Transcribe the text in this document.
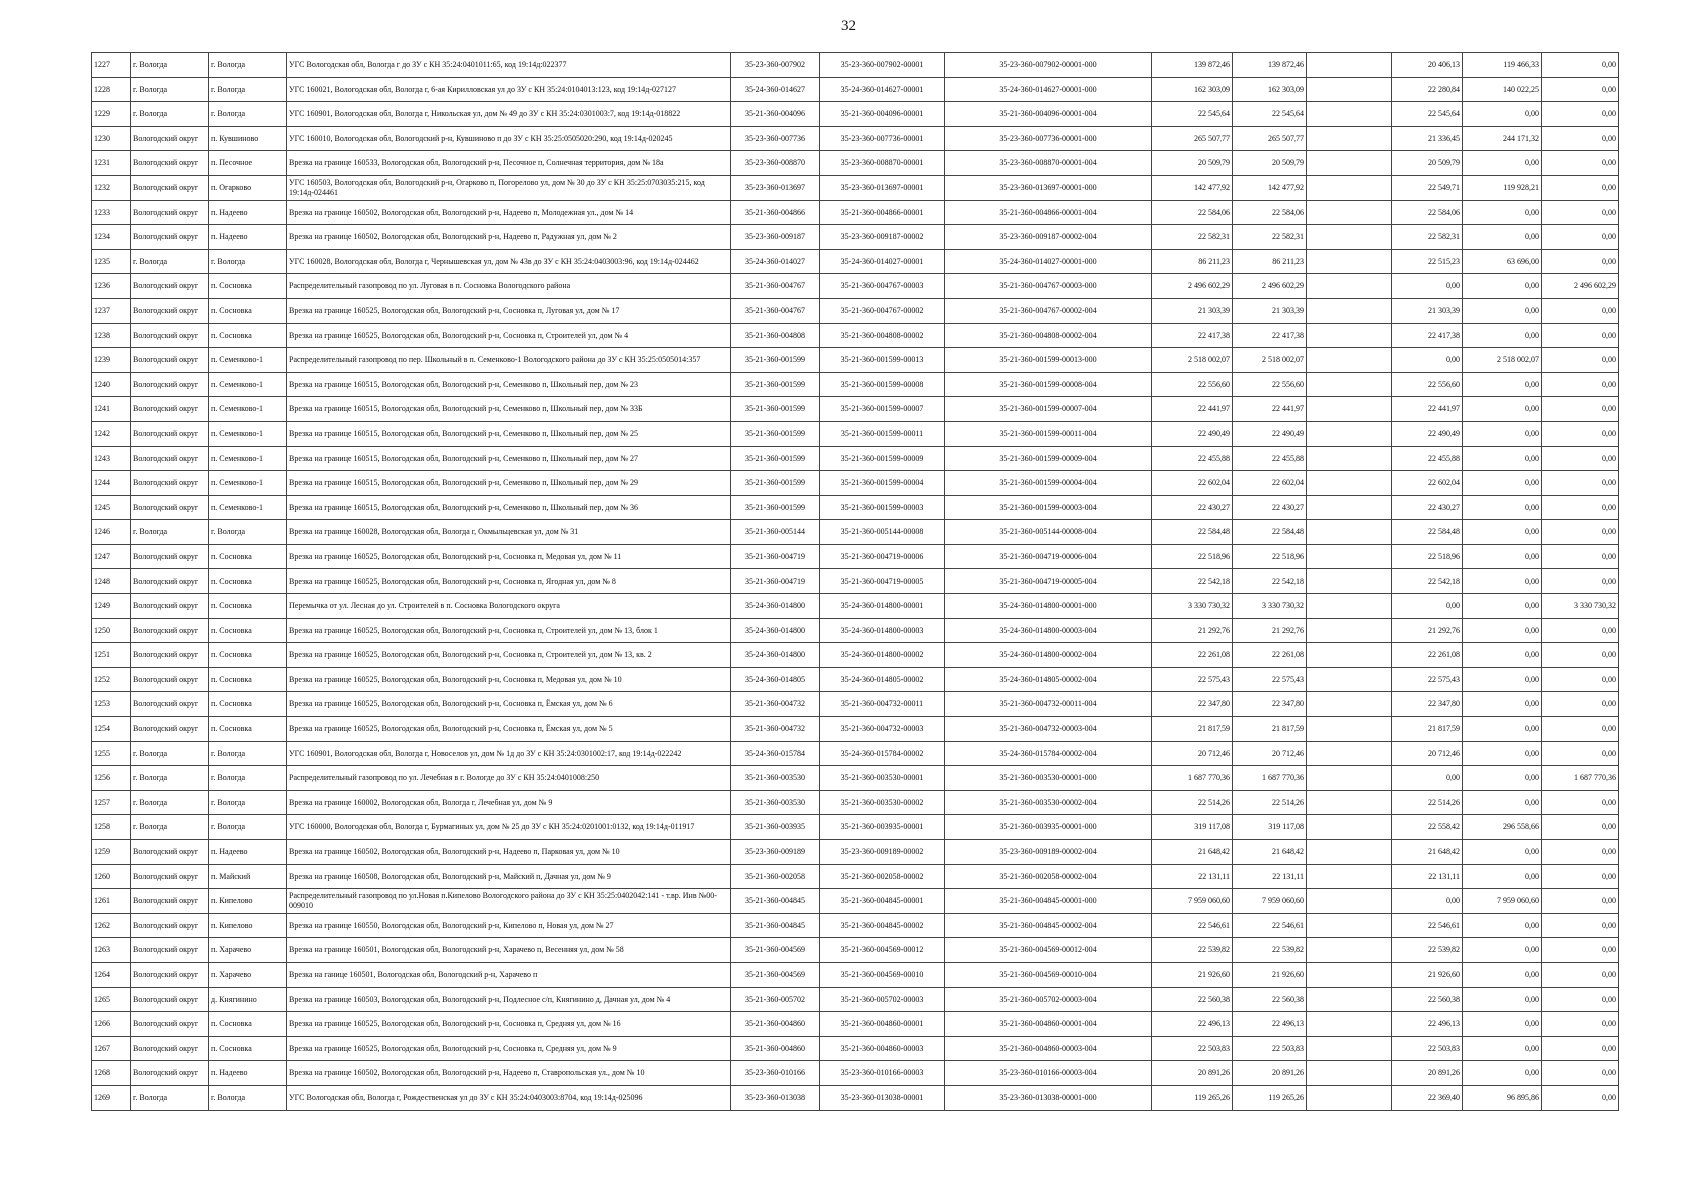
32
1227	г. Вологда	г. Вологда	УГС Вологодская обл, Вологда г до ЗУ с КН 35:24:0401011:65, код 19:14д:022377	35-23-360-007902	35-23-360-007902-00001	35-23-360-007902-00001-000	139 872,46	139 872,46		20 406,13	119 466,33	0,00
1228	г. Вологда	г. Вологда	УГС 160021, Вологодская обл, Вологда г, 6-ая Кирилловская ул до ЗУ с КН 35:24:0104013:123, код 19:14д-027127	35-24-360-014627	35-24-360-014627-00001	35-24-360-014627-00001-000	162 303,09	162 303,09		22 280,84	140 022,25	0,00
1229	г. Вологда	г. Вологда	УГС 160901, Вологодская обл, Вологда г, Никольская ул, дом № 49 до ЗУ с КН 35:24:0301003:7, код 19:14д-018822	35-21-360-004096	35-21-360-004096-00001	35-21-360-004096-00001-004	22 545,64	22 545,64		22 545,64	0,00	0,00
1230	Вологодский округ	п. Кувшиново	УГС 160010, Вологодская обл, Вологодский р-н, Кувшиново п до ЗУ с КН 35:25:0505020:290, код 19:14д-020245	35-23-360-007736	35-23-360-007736-00001	35-23-360-007736-00001-000	265 507,77	265 507,77		21 336,45	244 171,32	0,00
1231	Вологодский округ	п. Песочное	Врезка на границе 160533, Вологодская обл, Вологодский р-н, Песочное п, Солнечная территория, дом № 18а	35-23-360-008870	35-23-360-008870-00001	35-23-360-008870-00001-004	20 509,79	20 509,79		20 509,79	0,00	0,00
1232	Вологодский округ	п. Огарково	УГС 160503, Вологодская обл, Вологодский р-н, Огарково п, Погорелово ул, дом № 30 до ЗУ с КН 35:25:0703035:215, код 19:14д-024461	35-23-360-013697	35-23-360-013697-00001	35-23-360-013697-00001-000	142 477,92	142 477,92		22 549,71	119 928,21	0,00
1233	Вологодский округ	п. Надеево	Врезка на границе 160502, Вологодская обл, Вологодский р-н, Надеево п, Молодежная ул., дом № 14	35-21-360-004866	35-21-360-004866-00001	35-21-360-004866-00001-004	22 584,06	22 584,06		22 584,06	0,00	0,00
1234	Вологодский округ	п. Надеево	Врезка на границе 160502, Вологодская обл, Вологодский р-н, Надеево п, Радужная ул, дом № 2	35-23-360-009187	35-23-360-009187-00002	35-23-360-009187-00002-004	22 582,31	22 582,31		22 582,31	0,00	0,00
1235	г. Вологда	г. Вологда	УГС 160028, Вологодская обл, Вологда г, Чернышевская ул, дом № 43в до ЗУ с КН 35:24:0403003:96, код 19:14д-024462	35-24-360-014027	35-24-360-014027-00001	35-24-360-014027-00001-000	86 211,23	86 211,23		22 515,23	63 696,00	0,00
1236	Вологодский округ	п. Сосновка	Распределительный газопровод по ул. Луговая в п. Сосновка Вологодского района	35-21-360-004767	35-21-360-004767-00003	35-21-360-004767-00003-000	2 496 602,29	2 496 602,29		0,00	0,00	2 496 602,29
1237	Вологодский округ	п. Сосновка	Врезка на границе 160525, Вологодская обл, Вологодский р-н, Сосновка п, Луговая ул, дом № 17	35-21-360-004767	35-21-360-004767-00002	35-21-360-004767-00002-004	21 303,39	21 303,39		21 303,39	0,00	0,00
1238	Вологодский округ	п. Сосновка	Врезка на границе 160525, Вологодская обл, Вологодский р-н, Сосновка п, Строителей ул, дом № 4	35-21-360-004808	35-21-360-004808-00002	35-21-360-004808-00002-004	22 417,38	22 417,38		22 417,38	0,00	0,00
1239	Вологодский округ	п. Семенково-1	Распределительный газопровод по пер. Школьный в п. Семенково-1 Вологодского района до ЗУ с КН 35:25:0505014:357	35-21-360-001599	35-21-360-001599-00013	35-21-360-001599-00013-000	2 518 002,07	2 518 002,07		0,00	2 518 002,07	0,00
1240	Вологодский округ	п. Семенково-1	Врезка на границе 160515, Вологодская обл, Вологодский р-н, Семенково п, Школьный пер, дом № 23	35-21-360-001599	35-21-360-001599-00008	35-21-360-001599-00008-004	22 556,60	22 556,60		22 556,60	0,00	0,00
1241	Вологодский округ	п. Семенково-1	Врезка на границе 160515, Вологодская обл, Вологодский р-н, Семенково п, Школьный пер, дом № 33Б	35-21-360-001599	35-21-360-001599-00007	35-21-360-001599-00007-004	22 441,97	22 441,97		22 441,97	0,00	0,00
1242	Вологодский округ	п. Семенково-1	Врезка на границе 160515, Вологодская обл, Вологодский р-н, Семенково п, Школьный пер, дом № 25	35-21-360-001599	35-21-360-001599-00011	35-21-360-001599-00011-004	22 490,49	22 490,49		22 490,49	0,00	0,00
1243	Вологодский округ	п. Семенково-1	Врезка на границе 160515, Вологодская обл, Вологодский р-н, Семенково п, Школьный пер, дом № 27	35-21-360-001599	35-21-360-001599-00009	35-21-360-001599-00009-004	22 455,88	22 455,88		22 455,88	0,00	0,00
1244	Вологодский округ	п. Семенково-1	Врезка на границе 160515, Вологодская обл, Вологодский р-н, Семенково п, Школьный пер, дом № 29	35-21-360-001599	35-21-360-001599-00004	35-21-360-001599-00004-004	22 602,04	22 602,04		22 602,04	0,00	0,00
1245	Вологодский округ	п. Семенково-1	Врезка на границе 160515, Вологодская обл, Вологодский р-н, Семенково п, Школьный пер, дом № 36	35-21-360-001599	35-21-360-001599-00003	35-21-360-001599-00003-004	22 430,27	22 430,27		22 430,27	0,00	0,00
1246	г. Вологда	г. Вологда	Врезка на границе 160028, Вологодская обл, Вологда г, Окмыльцевская ул, дом № 31	35-21-360-005144	35-21-360-005144-00008	35-21-360-005144-00008-004	22 584,48	22 584,48		22 584,48	0,00	0,00
1247	Вологодский округ	п. Сосновка	Врезка на границе 160525, Вологодская обл, Вологодский р-н, Сосновка п, Медовая ул, дом № 11	35-21-360-004719	35-21-360-004719-00006	35-21-360-004719-00006-004	22 518,96	22 518,96		22 518,96	0,00	0,00
1248	Вологодский округ	п. Сосновка	Врезка на границе 160525, Вологодская обл, Вологодский р-н, Сосновка п, Ягодная ул, дом № 8	35-21-360-004719	35-21-360-004719-00005	35-21-360-004719-00005-004	22 542,18	22 542,18		22 542,18	0,00	0,00
1249	Вологодский округ	п. Сосновка	Перемычка от ул. Лесная до ул. Строителей в п. Сосновка Вологодского округа	35-24-360-014800	35-24-360-014800-00001	35-24-360-014800-00001-000	3 330 730,32	3 330 730,32		0,00	0,00	3 330 730,32
1250	Вологодский округ	п. Сосновка	Врезка на границе 160525, Вологодская обл, Вологодский р-н, Сосновка п, Строителей ул, дом № 13, блок 1	35-24-360-014800	35-24-360-014800-00003	35-24-360-014800-00003-004	21 292,76	21 292,76		21 292,76	0,00	0,00
1251	Вологодский округ	п. Сосновка	Врезка на границе 160525, Вологодская обл, Вологодский р-н, Сосновка п, Строителей ул, дом № 13, кв. 2	35-24-360-014800	35-24-360-014800-00002	35-24-360-014800-00002-004	22 261,08	22 261,08		22 261,08	0,00	0,00
1252	Вологодский округ	п. Сосновка	Врезка на границе 160525, Вологодская обл, Вологодский р-н, Сосновка п, Медовая ул, дом № 10	35-24-360-014805	35-24-360-014805-00002	35-24-360-014805-00002-004	22 575,43	22 575,43		22 575,43	0,00	0,00
1253	Вологодский округ	п. Сосновка	Врезка на границе 160525, Вологодская обл, Вологодский р-н, Сосновка п, Ёмская ул, дом № 6	35-21-360-004732	35-21-360-004732-00011	35-21-360-004732-00011-004	22 347,80	22 347,80		22 347,80	0,00	0,00
1254	Вологодский округ	п. Сосновка	Врезка на границе 160525, Вологодская обл, Вологодский р-н, Сосновка п, Ёмская ул, дом № 5	35-21-360-004732	35-21-360-004732-00003	35-21-360-004732-00003-004	21 817,59	21 817,59		21 817,59	0,00	0,00
1255	г. Вологда	г. Вологда	УГС 160901, Вологодская обл, Вологда г, Новоселов ул, дом № 1д до ЗУ с КН 35:24:0301002:17, код 19:14д-022242	35-24-360-015784	35-24-360-015784-00002	35-24-360-015784-00002-004	20 712,46	20 712,46		20 712,46	0,00	0,00
1256	г. Вологда	г. Вологда	Распределительный газопровод по ул. Лечебная в г. Вологде до ЗУ с КН 35:24:0401008:250	35-21-360-003530	35-21-360-003530-00001	35-21-360-003530-00001-000	1 687 770,36	1 687 770,36		0,00	0,00	1 687 770,36
1257	г. Вологда	г. Вологда	Врезка на границе 160002, Вологодская обл, Вологда г, Лечебная ул, дом № 9	35-21-360-003530	35-21-360-003530-00002	35-21-360-003530-00002-004	22 514,26	22 514,26		22 514,26	0,00	0,00
1258	г. Вологда	г. Вологда	УГС 160000, Вологодская обл, Вологда г, Бурмагиных ул, дом № 25 до ЗУ с КН 35:24:0201001:0132, код 19:14д-011917	35-21-360-003935	35-21-360-003935-00001	35-21-360-003935-00001-000	319 117,08	319 117,08		22 558,42	296 558,66	0,00
1259	Вологодский округ	п. Надеево	Врезка на границе 160502, Вологодская обл, Вологодский р-н, Надеево п, Парковая ул, дом № 10	35-23-360-009189	35-23-360-009189-00002	35-23-360-009189-00002-004	21 648,42	21 648,42		21 648,42	0,00	0,00
1260	Вологодский округ	п. Майский	Врезка на границе 160508, Вологодская обл, Вологодский р-н, Майский п, Дачная ул, дом № 9	35-21-360-002058	35-21-360-002058-00002	35-21-360-002058-00002-004	22 131,11	22 131,11		22 131,11	0,00	0,00
1261	Вологодский округ	п. Кипелово	Распределительный газопровод по ул.Новая п.Кипелово Вологодского района до ЗУ с КН 35:25:0402042:141 - т.вр. Инв №00-009010	35-21-360-004845	35-21-360-004845-00001	35-21-360-004845-00001-000	7 959 060,60	7 959 060,60		0,00	7 959 060,60	0,00
1262	Вологодский округ	п. Кипелово	Врезка на границе 160550, Вологодская обл, Вологодский р-н, Кипелово п, Новая ул, дом № 27	35-21-360-004845	35-21-360-004845-00002	35-21-360-004845-00002-004	22 546,61	22 546,61		22 546,61	0,00	0,00
1263	Вологодский округ	п. Харачево	Врезка на границе 160501, Вологодская обл, Вологодский р-н, Харачево п, Весенняя ул, дом № 58	35-21-360-004569	35-21-360-004569-00012	35-21-360-004569-00012-004	22 539,82	22 539,82		22 539,82	0,00	0,00
1264	Вологодский округ	п. Харачево	Врезка на ганице 160501, Вологодская обл, Вологодский р-н, Харачево п	35-21-360-004569	35-21-360-004569-00010	35-21-360-004569-00010-004	21 926,60	21 926,60		21 926,60	0,00	0,00
1265	Вологодский округ	д. Княгинино	Врезка на границе 160503, Вологодская обл, Вологодский р-н, Подлесное с/п, Княгинино д, Дачная ул, дом № 4	35-21-360-005702	35-21-360-005702-00003	35-21-360-005702-00003-004	22 560,38	22 560,38		22 560,38	0,00	0,00
1266	Вологодский округ	п. Сосновка	Врезка на границе 160525, Вологодская обл, Вологодский р-н, Сосновка п, Средняя ул, дом № 16	35-21-360-004860	35-21-360-004860-00001	35-21-360-004860-00001-004	22 496,13	22 496,13		22 496,13	0,00	0,00
1267	Вологодский округ	п. Сосновка	Врезка на границе 160525, Вологодская обл, Вологодский р-н, Сосновка п, Средняя ул, дом № 9	35-21-360-004860	35-21-360-004860-00003	35-21-360-004860-00003-004	22 503,83	22 503,83		22 503,83	0,00	0,00
1268	Вологодский округ	п. Надеево	Врезка на границе 160502, Вологодская обл, Вологодский р-н, Надеево п, Ставропольская ул., дом № 10	35-23-360-010166	35-23-360-010166-00003	35-23-360-010166-00003-004	20 891,26	20 891,26		20 891,26	0,00	0,00
1269	г. Вологда	г. Вологда	УГС Вологодская обл, Вологда г, Рождественская ул до ЗУ с КН 35:24:0403003:8704, код 19:14д-025096	35-23-360-013038	35-23-360-013038-00001	35-23-360-013038-00001-000	119 265,26	119 265,26		22 369,40	96 895,86	0,00
